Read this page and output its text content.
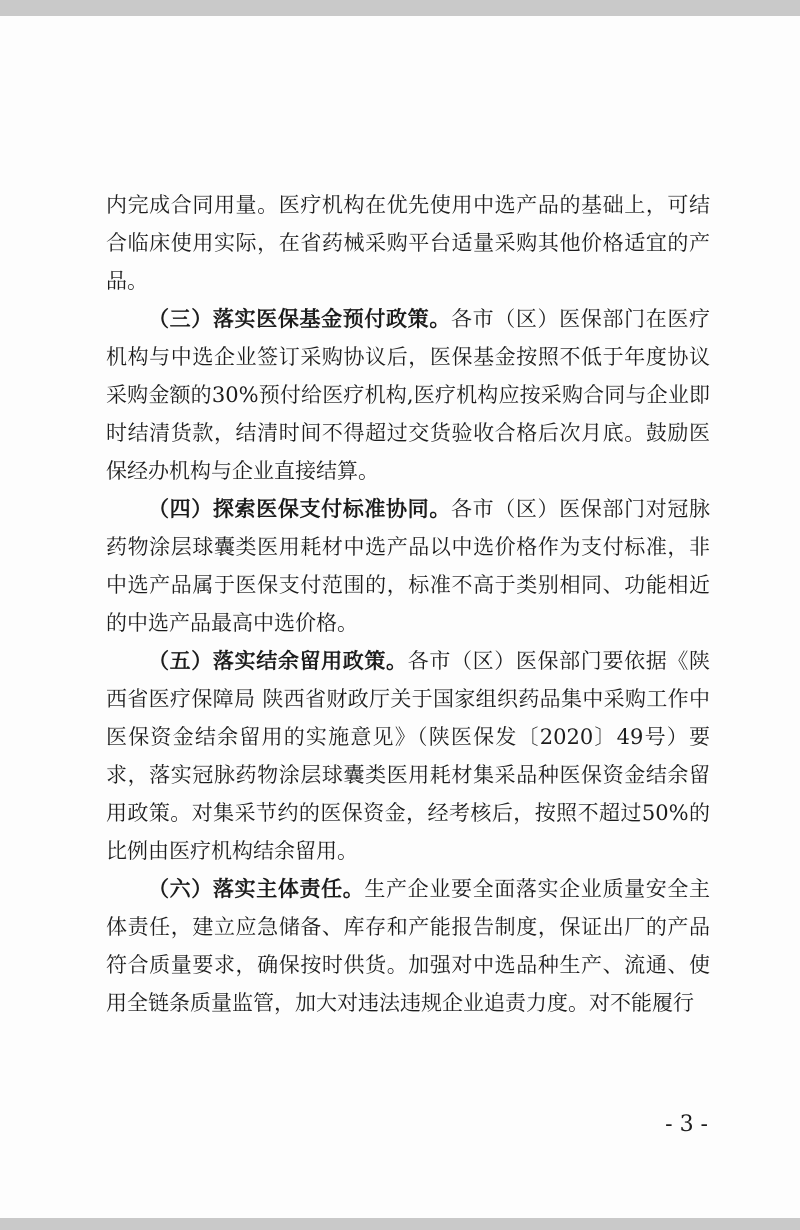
内完成合同用量。医疗机构在优先使用中选产品的基础上，可结合临床使用实际，在省药械采购平台适量采购其他价格适宜的产品。

（三）落实医保基金预付政策。各市（区）医保部门在医疗机构与中选企业签订采购协议后，医保基金按照不低于年度协议采购金额的30%预付给医疗机构,医疗机构应按采购合同与企业即时结清货款，结清时间不得超过交货验收合格后次月底。鼓励医保经办机构与企业直接结算。

（四）探索医保支付标准协同。各市（区）医保部门对冠脉药物涂层球囊类医用耗材中选产品以中选价格作为支付标准，非中选产品属于医保支付范围的，标准不高于类别相同、功能相近的中选产品最高中选价格。

（五）落实结余留用政策。各市（区）医保部门要依据《陕西省医疗保障局 陕西省财政厅关于国家组织药品集中采购工作中医保资金结余留用的实施意见》（陕医保发〔2020〕49号）要求，落实冠脉药物涂层球囊类医用耗材集采品种医保资金结余留用政策。对集采节约的医保资金，经考核后，按照不超过50%的比例由医疗机构结余留用。

（六）落实主体责任。生产企业要全面落实企业质量安全主体责任，建立应急储备、库存和产能报告制度，保证出厂的产品符合质量要求，确保按时供货。加强对中选品种生产、流通、使用全链条质量监管，加大对违法违规企业追责力度。对不能履行

- 3 -
